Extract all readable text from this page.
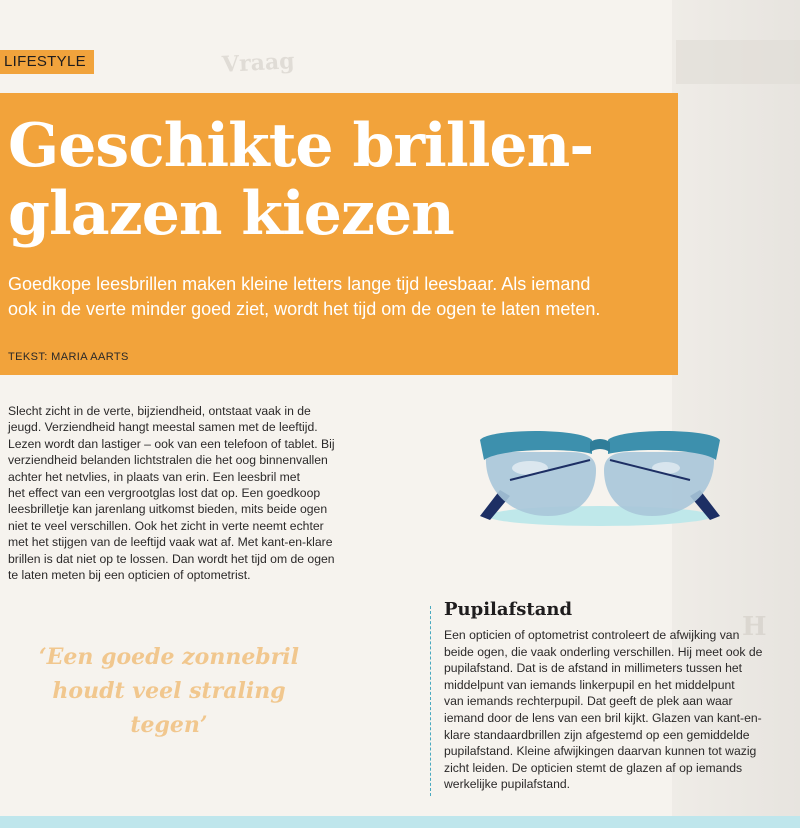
Vraag
H
LIFESTYLE
Geschikte brillen-
glazen kiezen

Goedkope leesbrillen maken kleine letters lange tijd leesbaar. Als iemand
ook in de verte minder goed ziet, wordt het tijd om de ogen te laten meten.

TEKST: MARIA AARTS

Slecht zicht in de verte, bijziendheid, ontstaat vaak in de
jeugd. Verziendheid hangt meestal samen met de leeftijd.
Lezen wordt dan lastiger – ook van een telefoon of tablet. Bij
verziendheid belanden lichtstralen die het oog binnenvallen
achter het netvlies, in plaats van erin. Een leesbril met
het effect van een vergrootglas lost dat op. Een goedkoop
leesbrilletje kan jarenlang uitkomst bieden, mits beide ogen
niet te veel verschillen. Ook het zicht in verte neemt echter
met het stijgen van de leeftijd vaak wat af. Met kant-en-klare
brillen is dat niet op te lossen. Dan wordt het tijd om de ogen
te laten meten bij een opticien of optometrist.

‘Een goede zonnebril
houdt veel straling
tegen’

Pupilafstand

Een opticien of optometrist controleert de afwijking van
beide ogen, die vaak onderling verschillen. Hij meet ook de
pupilafstand. Dat is de afstand in millimeters tussen het
middelpunt van iemands linkerpupil en het middelpunt
van iemands rechterpupil. Dat geeft de plek aan waar
iemand door de lens van een bril kijkt. Glazen van kant-en-
klare standaardbrillen zijn afgestemd op een gemiddelde
pupilafstand. Kleine afwijkingen daarvan kunnen tot wazig
zicht leiden. De opticien stemt de glazen af op iemands
werkelijke pupilafstand.
